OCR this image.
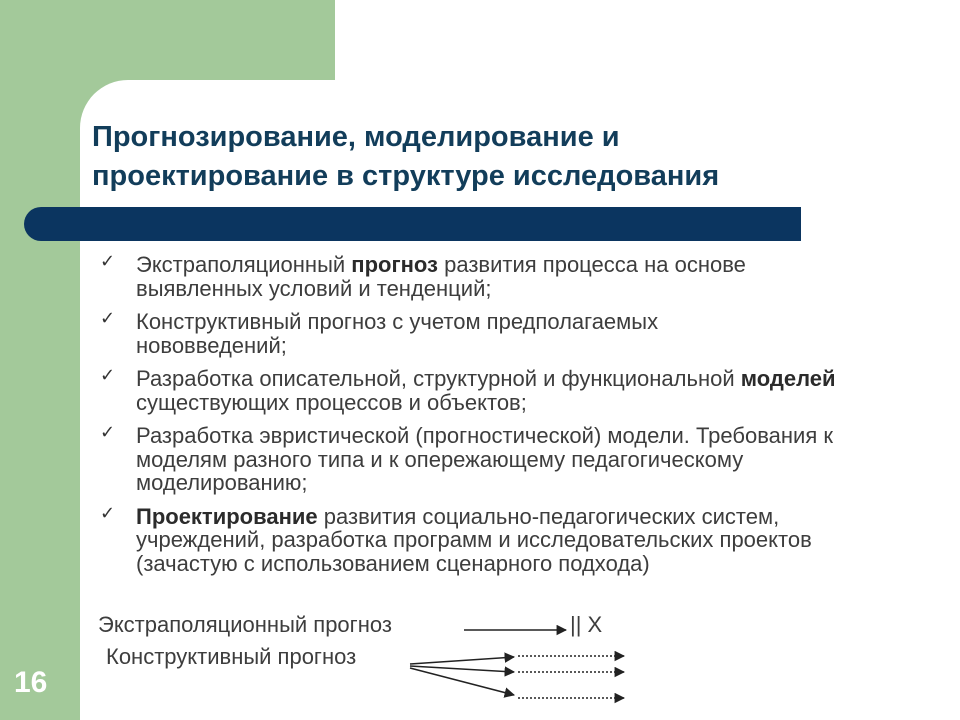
16
Прогнозирование, моделирование и
проектирование в структуре исследования
✓ Экстраполяционный прогноз развития процесса на основе выявленных условий и тенденций;
✓ Конструктивный прогноз с учетом предполагаемых нововведений;
✓ Разработка описательной, структурной и функциональной моделей существующих процессов и объектов;
✓ Разработка эвристической (прогностической) модели. Требования к моделям разного типа и к опережающему педагогическому моделированию;
✓ Проектирование развития социально-педагогических систем, учреждений, разработка программ и исследовательских проектов (зачастую с использованием сценарного подхода)
Экстраполяционный прогноз	|| X
Конструктивный прогноз
